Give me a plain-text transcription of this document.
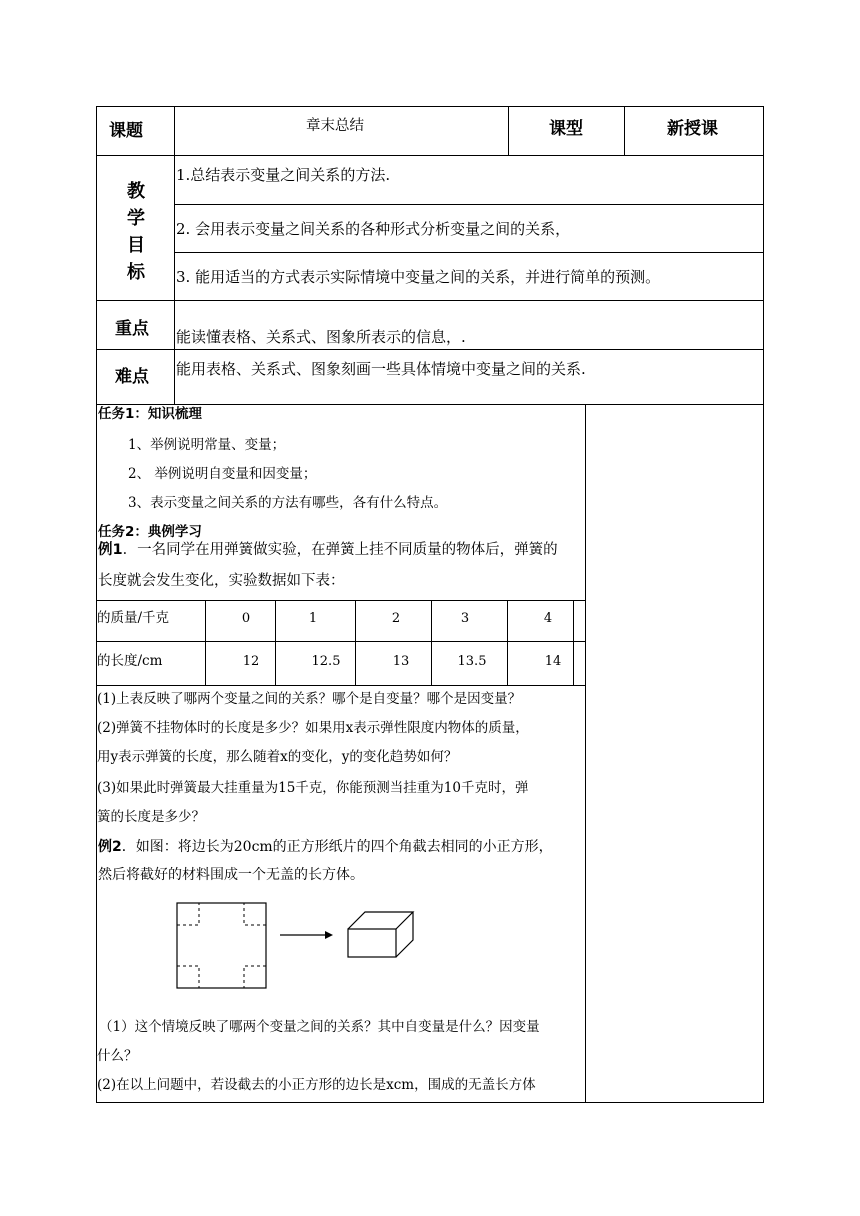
课题	章末总结	课型	新授课
教
学
目
标
1.总结表示变量之间关系的方法.
2. 会用表示变量之间关系的各种形式分析变量之间的关系，
3. 能用适当的方式表示实际情境中变量之间的关系，并进行简单的预测。
重点 能读懂表格、关系式、图象所表示的信息，.
难点 能用表格、关系式、图象刻画一些具体情境中变量之间的关系.
任务1：知识梳理
1、举例说明常量、变量；
2、 举例说明自变量和因变量；
3、表示变量之间关系的方法有哪些，各有什么特点。
任务2：典例学习
例1．一名同学在用弹簧做实验，在弹簧上挂不同质量的物体后，弹簧的
长度就会发生变化，实验数据如下表：
的质量/千克	0	1	2	3	4
的长度/cm	12	12.5	13	13.5	14
(1)上表反映了哪两个变量之间的关系？哪个是自变量？哪个是因变量？
(2)弹簧不挂物体时的长度是多少？如果用x表示弹性限度内物体的质量，
用y表示弹簧的长度，那么随着x的变化，y的变化趋势如何？
(3)如果此时弹簧最大挂重量为15千克，你能预测当挂重为10千克时，弹
簧的长度是多少？
例2．如图：将边长为20cm的正方形纸片的四个角截去相同的小正方形，
然后将截好的材料围成一个无盖的长方体。
（1）这个情境反映了哪两个变量之间的关系？其中自变量是什么？因变量
什么？
(2)在以上问题中，若设截去的小正方形的边长是xcm，围成的无盖长方体
